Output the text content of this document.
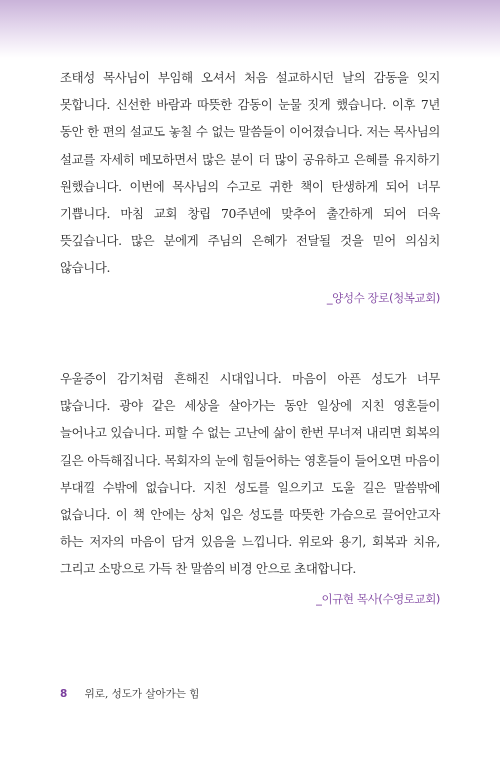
조태성 목사님이 부임해 오셔서 처음 설교하시던 날의 감동을 잊지 못합니다. 신선한 바람과 따뜻한 감동이 눈물 짓게 했습니다. 이후 7년 동안 한 편의 설교도 놓칠 수 없는 말씀들이 이어졌습니다. 저는 목사님의 설교를 자세히 메모하면서 많은 분이 더 많이 공유하고 은혜를 유지하기 원했습니다. 이번에 목사님의 수고로 귀한 책이 탄생하게 되어 너무 기쁩니다. 마침 교회 창립 70주년에 맞추어 출간하게 되어 더욱 뜻깊습니다. 많은 분에게 주님의 은혜가 전달될 것을 믿어 의심치 않습니다.

_양성수 장로(청복교회)

우울증이 감기처럼 흔해진 시대입니다. 마음이 아픈 성도가 너무 많습니다. 광야 같은 세상을 살아가는 동안 일상에 지친 영혼들이 늘어나고 있습니다. 피할 수 없는 고난에 삶이 한번 무너져 내리면 회복의 길은 아득해집니다. 목회자의 눈에 힘들어하는 영혼들이 들어오면 마음이 부대낄 수밖에 없습니다. 지친 성도를 일으키고 도울 길은 말씀밖에 없습니다. 이 책 안에는 상처 입은 성도를 따뜻한 가슴으로 끌어안고자 하는 저자의 마음이 담겨 있음을 느낍니다. 위로와 용기, 회복과 치유, 그리고 소망으로 가득 찬 말씀의 비경 안으로 초대합니다.

_이규현 목사(수영로교회)
8 위로, 성도가 살아가는 힘
